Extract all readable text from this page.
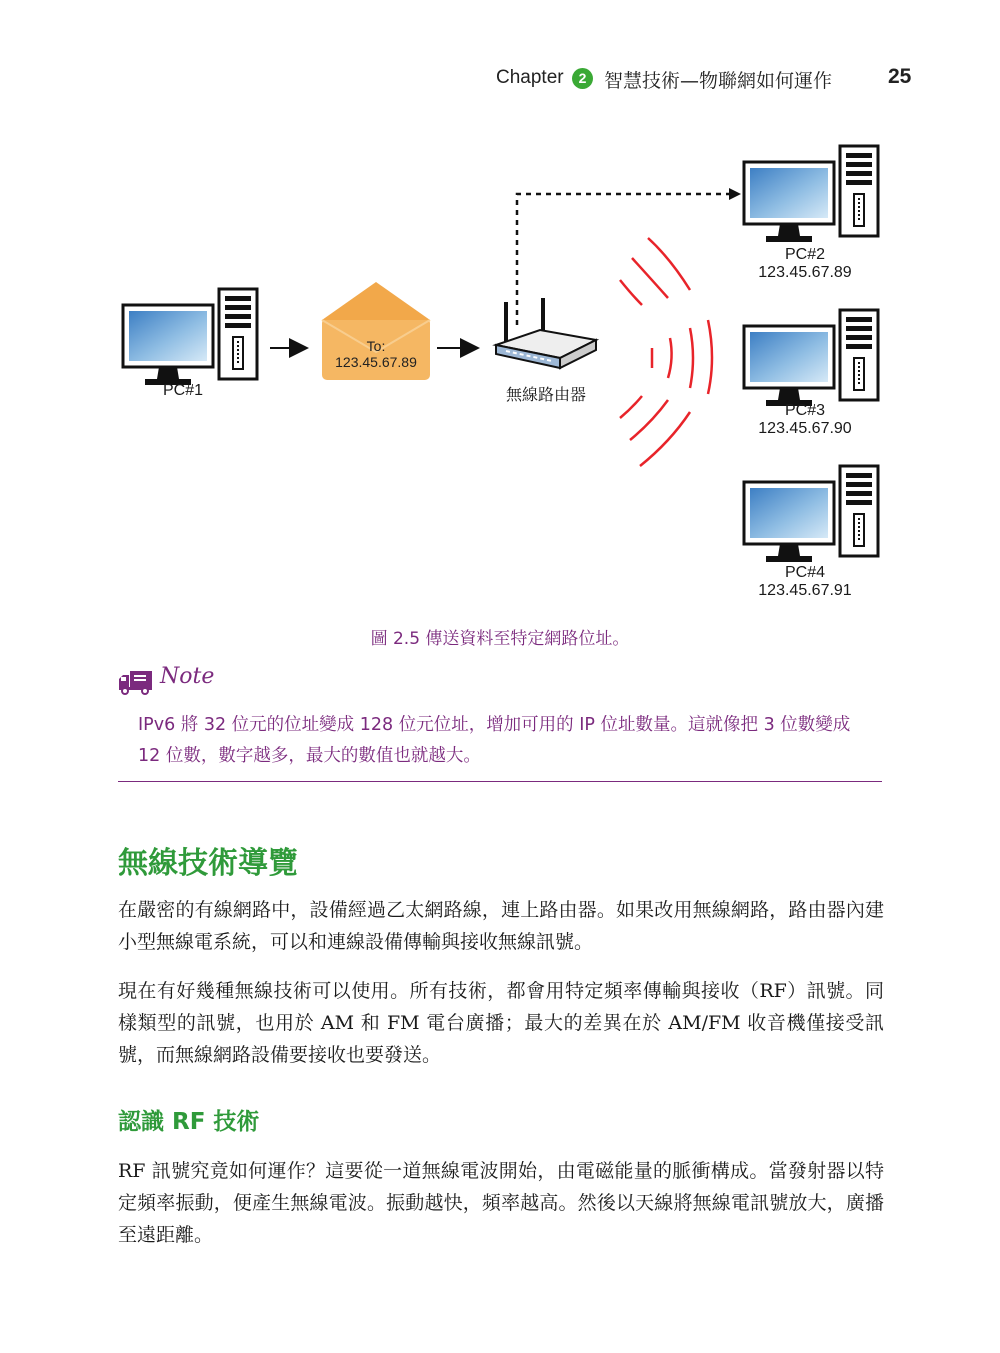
Chapter	2 智慧技術—物聯網如何運作	25
PC#1
To:
123.45.67.89
無線路由器
PC#2
123.45.67.89
PC#3
123.45.67.90
PC#4
123.45.67.91
圖 2.5 傳送資料至特定網路位址。
Note
IPv6 將 32 位元的位址變成 128 位元位址，增加可用的 IP 位址數量。這就像把 3 位數變成 12 位數，數字越多，最大的數值也就越大。
無線技術導覽
在嚴密的有線網路中，設備經過乙太網路線，連上路由器。如果改用無線網路，路由器內建小型無線電系統，可以和連線設備傳輸與接收無線訊號。
現在有好幾種無線技術可以使用。所有技術，都會用特定頻率傳輸與接收（RF）訊號。同樣類型的訊號，也用於 AM 和 FM 電台廣播；最大的差異在於 AM/FM 收音機僅接受訊號，而無線網路設備要接收也要發送。
認識 RF 技術
RF 訊號究竟如何運作？這要從一道無線電波開始，由電磁能量的脈衝構成。當發射器以特定頻率振動，便產生無線電波。振動越快，頻率越高。然後以天線將無線電訊號放大，廣播至遠距離。
